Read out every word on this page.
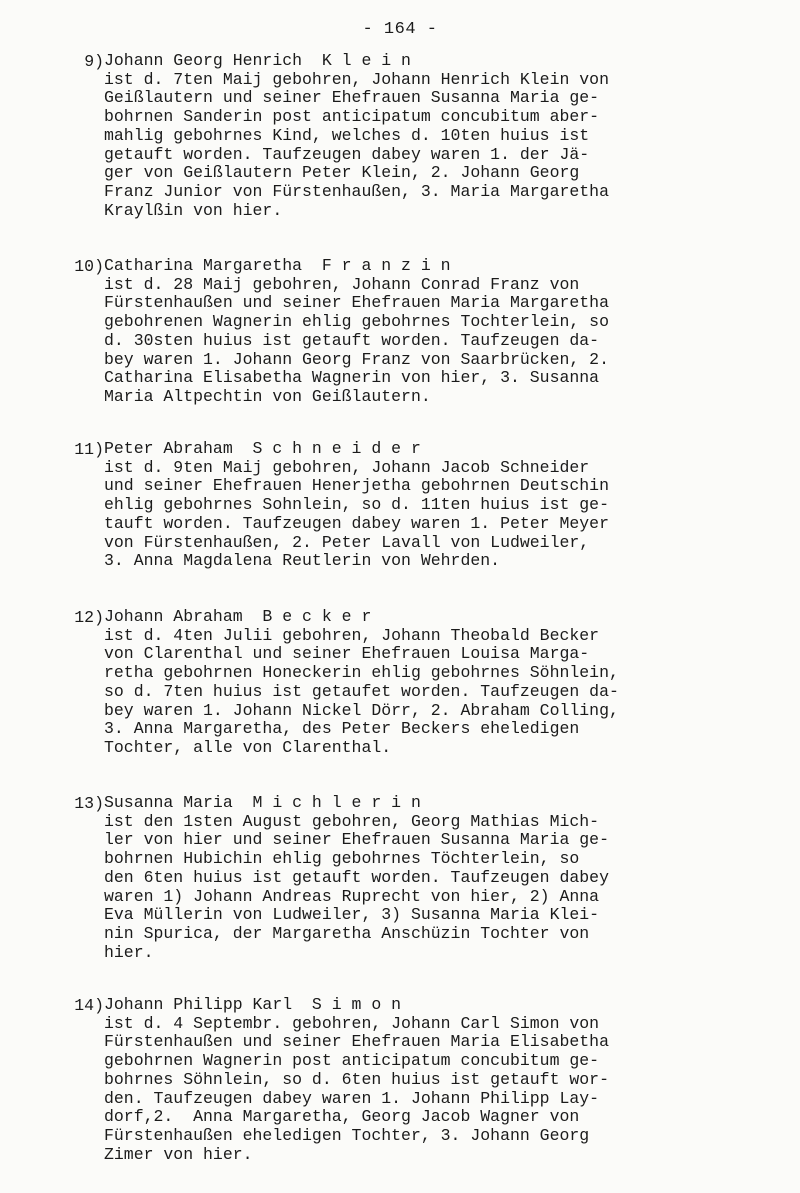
- 164 -
9) Johann Georg Henrich  K l e i n
ist d. 7ten Maij gebohren, Johann Henrich Klein von
Geißlautern und seiner Ehefrauen Susanna Maria ge-
bohrnen Sanderin post anticipatum concubitum aber-
mahlig gebohrnes Kind, welches d. 10ten huius ist
getauft worden. Taufzeugen dabey waren 1. der Jä-
ger von Geißlautern Peter Klein, 2. Johann Georg
Franz Junior von Fürstenhaußen, 3. Maria Margaretha
Kraylßin von hier.
10) Catharina Margaretha  F r a n z i n
ist d. 28 Maij gebohren, Johann Conrad Franz von
Fürstenhaußen und seiner Ehefrauen Maria Margaretha
gebohrenen Wagnerin ehlig gebohrnes Tochterlein, so
d. 30sten huius ist getauft worden. Taufzeugen da-
bey waren 1. Johann Georg Franz von Saarbrücken, 2.
Catharina Elisabetha Wagnerin von hier, 3. Susanna
Maria Altpechtin von Geißlautern.
11) Peter Abraham  S c h n e i d e r
ist d. 9ten Maij gebohren, Johann Jacob Schneider
und seiner Ehefrauen Henerjetha gebohrnen Deutschin
ehlig gebohrnes Sohnlein, so d. 11ten huius ist ge-
tauft worden. Taufzeugen dabey waren 1. Peter Meyer
von Fürstenhaußen, 2. Peter Lavall von Ludweiler,
3. Anna Magdalena Reutlerin von Wehrden.
12) Johann Abraham  B e c k e r
ist d. 4ten Julii gebohren, Johann Theobald Becker
von Clarenthal und seiner Ehefrauen Louisa Marga-
retha gebohrnen Honeckerin ehlig gebohrnes Söhnlein,
so d. 7ten huius ist getaufet worden. Taufzeugen da-
bey waren 1. Johann Nickel Dörr, 2. Abraham Colling,
3. Anna Margaretha, des Peter Beckers eheledigen
Tochter, alle von Clarenthal.
13) Susanna Maria  M i c h l e r i n
ist den 1sten August gebohren, Georg Mathias Mich-
ler von hier und seiner Ehefrauen Susanna Maria ge-
bohrnen Hubichin ehlig gebohrnes Töchterlein, so
den 6ten huius ist getauft worden. Taufzeugen dabey
waren 1) Johann Andreas Ruprecht von hier, 2) Anna
Eva Müllerin von Ludweiler, 3) Susanna Maria Klei-
nin Spurica, der Margaretha Anschüzin Tochter von
hier.
14) Johann Philipp Karl  S i m o n
ist d. 4 Septembr. gebohren, Johann Carl Simon von
Fürstenhaußen und seiner Ehefrauen Maria Elisabetha
gebohrnen Wagnerin post anticipatum concubitum ge-
bohrnes Söhnlein, so d. 6ten huius ist getauft wor-
den. Taufzeugen dabey waren 1. Johann Philipp Lay-
dorf,2.  Anna Margaretha, Georg Jacob Wagner von
Fürstenhaußen eheledigen Tochter, 3. Johann Georg
Zimer von hier.
